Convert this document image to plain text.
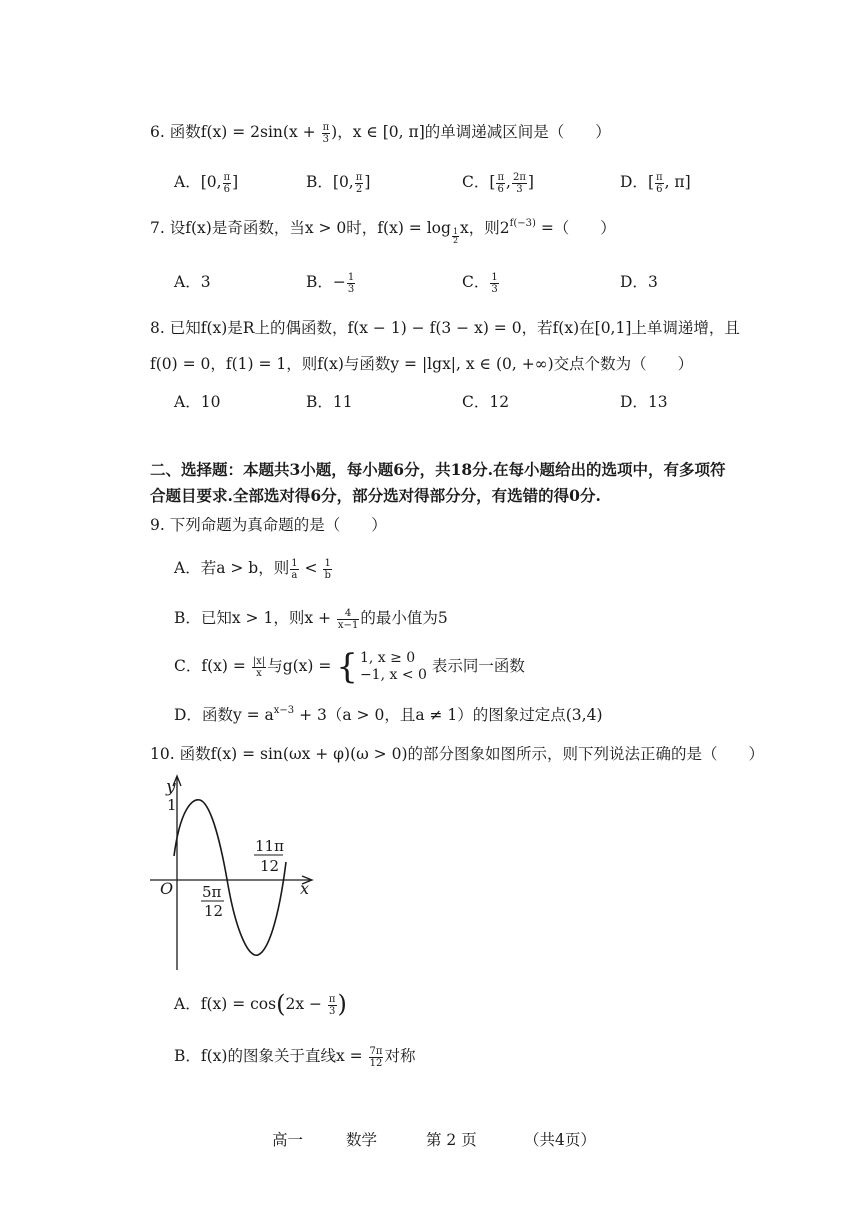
6. 函数$f(x) = 2\sin(x + \frac{\pi}{3}$ )，x ∈ [0, π]的单调递减区间是（　　）
A．[0, $\frac{\pi}{6}$ ]	B．[0, $\frac{\pi}{2}$ ]	C．[ $\frac{\pi}{6}$ , $\frac{2\pi}{3}$ ]	D．[ $\frac{\pi}{6}$ , π]
7. 设f(x)是奇函数，当x > 0时，f(x) = log $_{\frac{1}{2}}$ x，则$2^{f(-3)}$ =（　　）
A．3	B．− $\frac{1}{3}$	C． $\frac{1}{3}$	D．3
8. 已知f(x)是R上的偶函数，f(x − 1) − f(3 − x) = 0，若f(x)在[0,1]上单调递增，且
f(0) = 0，f(1) = 1，则f(x)与函数y = |lgx|, x ∈ (0, +∞)交点个数为（　　）
A．10	B．11	C．12	D．13
二、选择题：本题共3小题，每小题6分，共18分.在每小题给出的选项中，有多项符
合题目要求.全部选对得6分，部分选对得部分分，有选错的得0分.
9. 下列命题为真命题的是（　　）
A．若a > b，则 $\frac{1}{a} < \frac{1}{b}$
B．已知x > 1，则$x + \frac{4}{x-1}$ 的最小值为5
C．$f(x) = \frac{|x|}{x}$ 与g(x) = { 1, x ≥ 0
−1, x < 0 表示同一函数
D．函数$y = a^{x-3} + 3(a > 0$，且a ≠ 1）的图象过定点(3,4)
10. 函数f(x) = sin(ωx + φ)(ω > 0)的部分图象如图所示，则下列说法正确的是（　　）
y
1
O	x
5π
12
11π
12
A．$f(x) = \cos(2x - \frac{\pi}{3}$ )
B．f(x)的图象关于直线$x = \frac{7\pi}{12}$ 对称
高一	数学	第 2 页	（共4页）
